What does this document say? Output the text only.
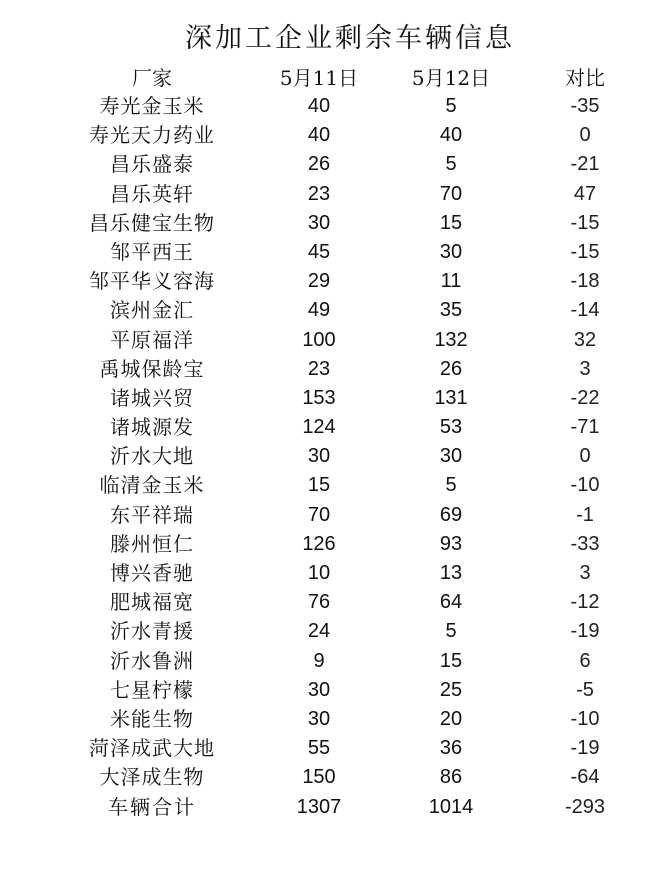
深加工企业剩余车辆信息
厂家	5月11日	5月12日	对比
寿光金玉米	40	5	-35
寿光天力药业	40	40	0
昌乐盛泰	26	5	-21
昌乐英轩	23	70	47
昌乐健宝生物	30	15	-15
邹平西王	45	30	-15
邹平华义容海	29	11	-18
滨州金汇	49	35	-14
平原福洋	100	132	32
禹城保龄宝	23	26	3
诸城兴贸	153	131	-22
诸城源发	124	53	-71
沂水大地	30	30	0
临清金玉米	15	5	-10
东平祥瑞	70	69	-1
滕州恒仁	126	93	-33
博兴香驰	10	13	3
肥城福宽	76	64	-12
沂水青援	24	5	-19
沂水鲁洲	9	15	6
七星柠檬	30	25	-5
米能生物	30	20	-10
菏泽成武大地	55	36	-19
大泽成生物	150	86	-64
车辆合计	1307	1014	-293
